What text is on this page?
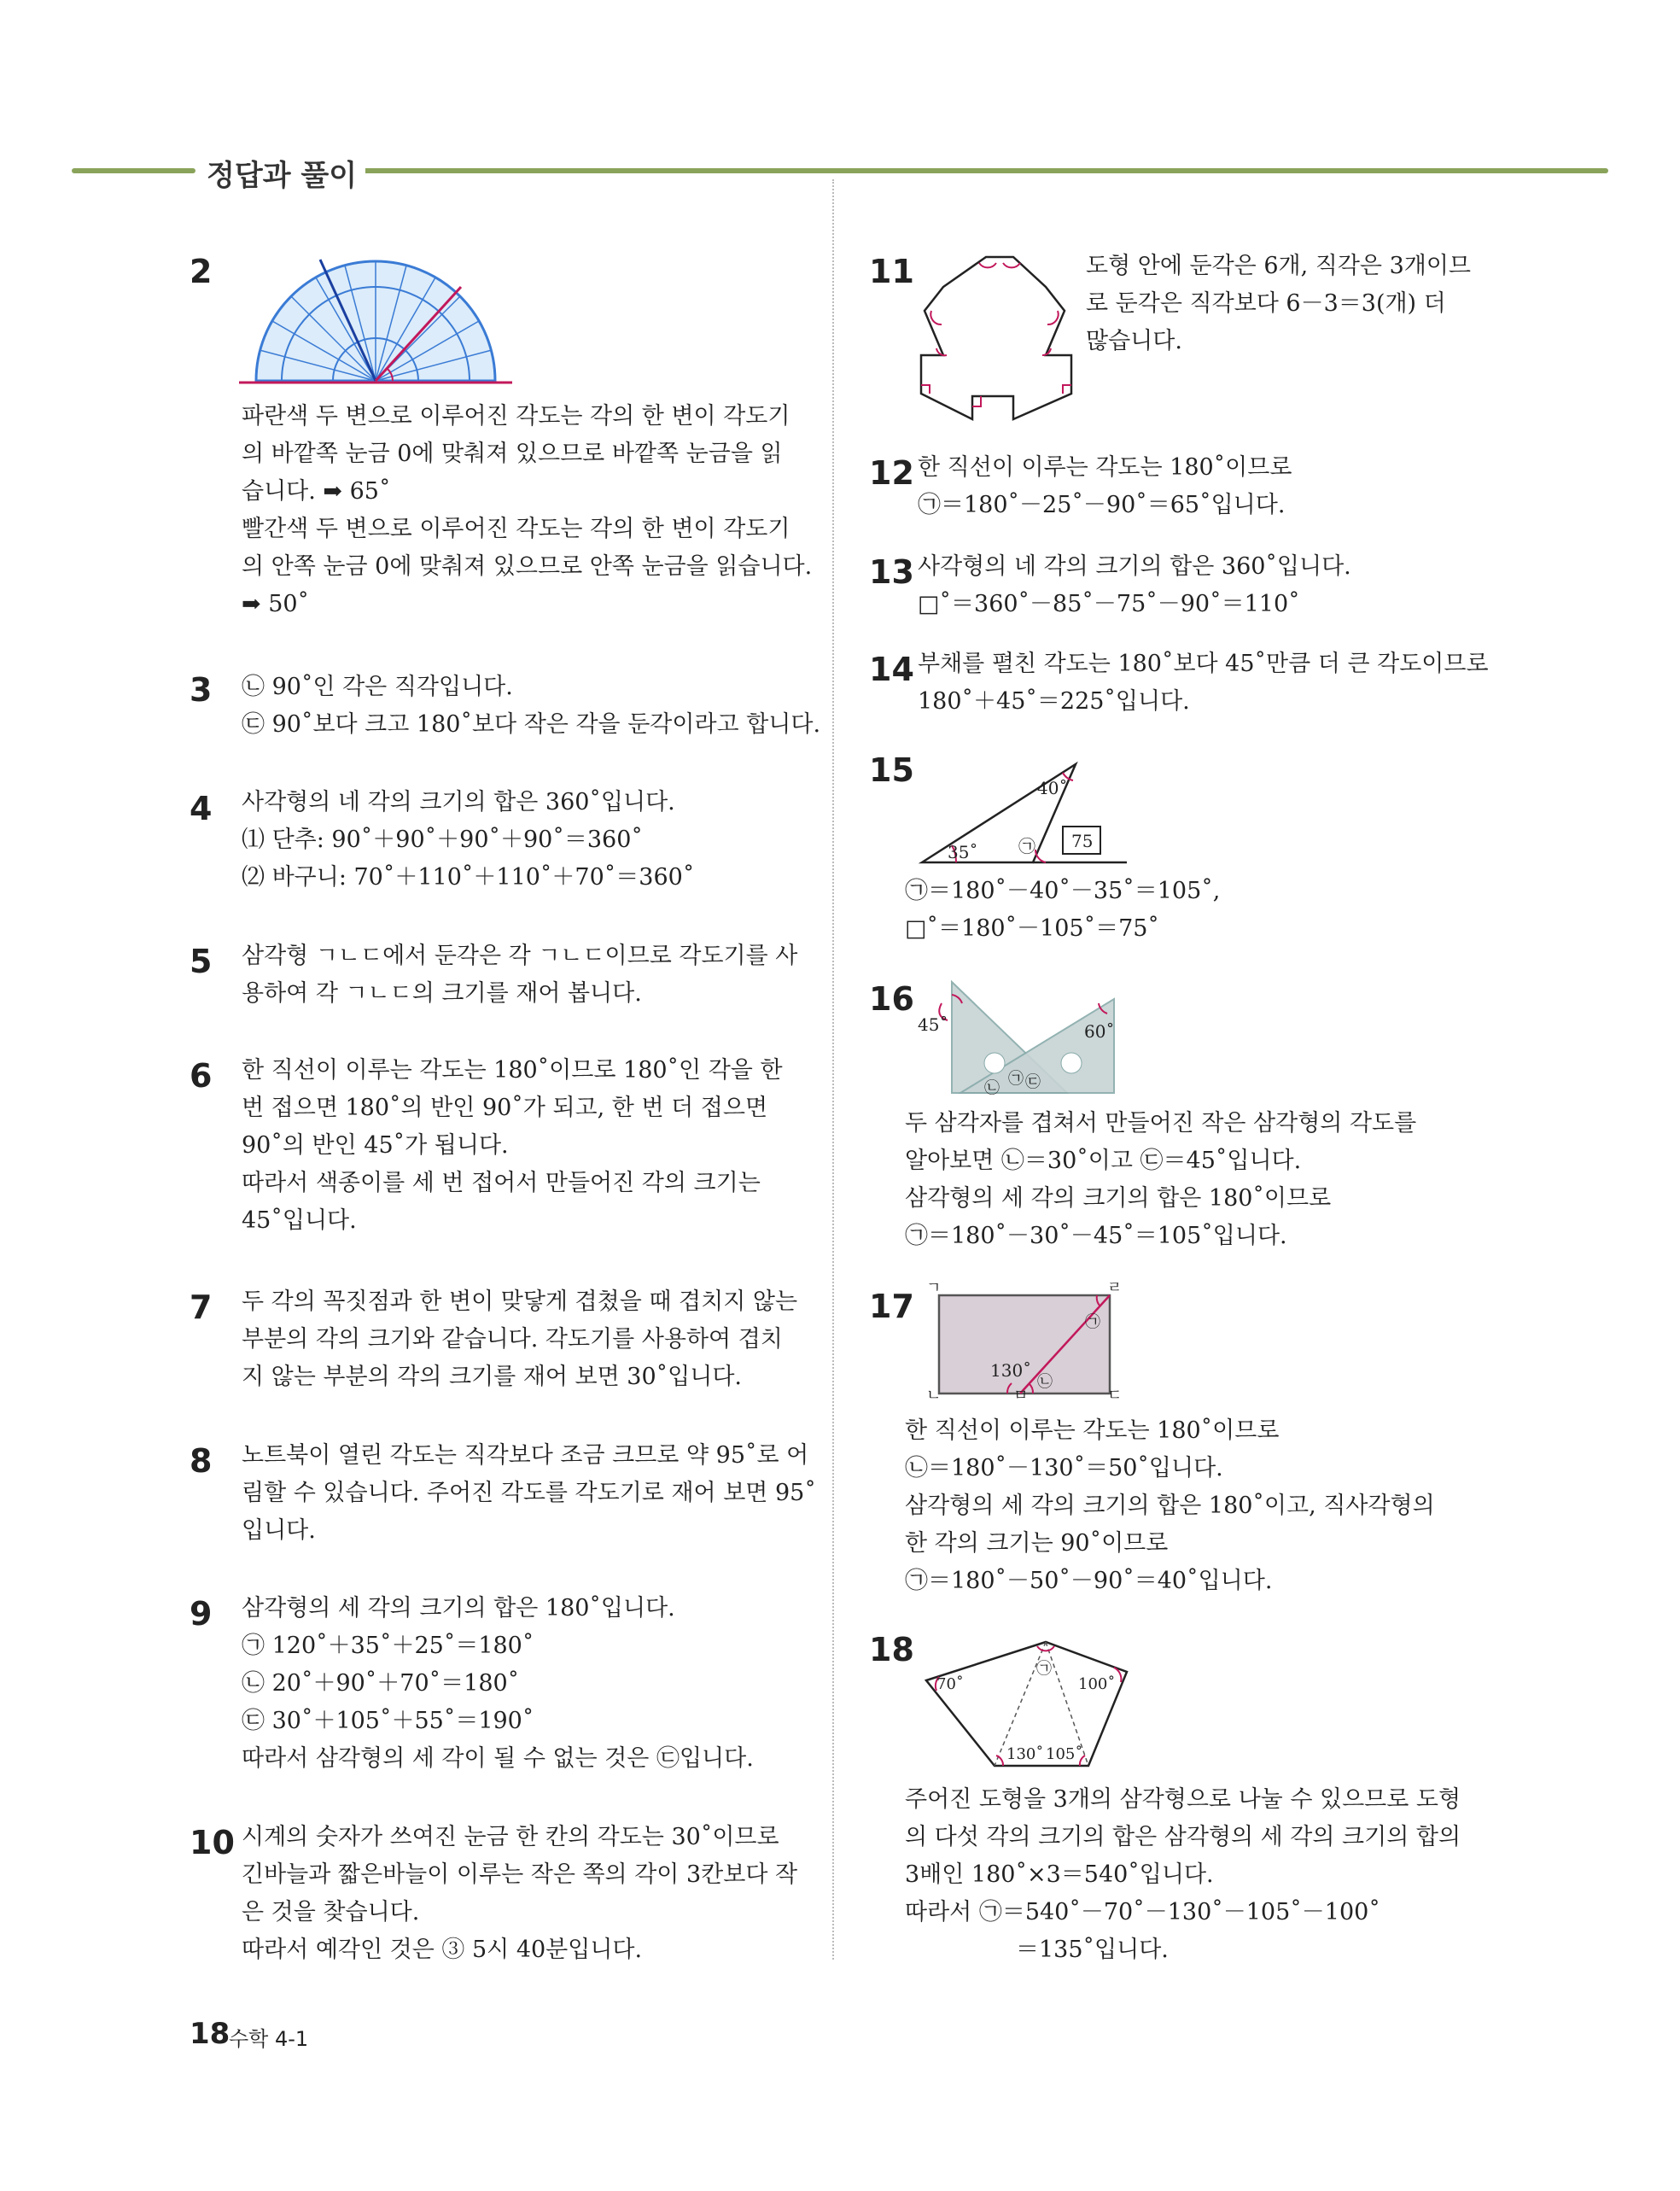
정답과 풀이
2
파란색 두 변으로 이루어진 각도는 각의 한 변이 각도기
의 바깥쪽 눈금 0에 맞춰져 있으므로 바깥쪽 눈금을 읽
습니다. ➡ 65˚
빨간색 두 변으로 이루어진 각도는 각의 한 변이 각도기
의 안쪽 눈금 0에 맞춰져 있으므로 안쪽 눈금을 읽습니다.
➡ 50˚
3 ㉡ 90˚인 각은 직각입니다.
㉢ 90˚보다 크고 180˚보다 작은 각을 둔각이라고 합니다.
4 사각형의 네 각의 크기의 합은 360˚입니다.
⑴ 단추: 90˚＋90˚＋90˚＋90˚＝360˚
⑵ 바구니: 70˚＋110˚＋110˚＋70˚＝360˚
5 삼각형 ㄱㄴㄷ에서 둔각은 각 ㄱㄴㄷ이므로 각도기를 사
용하여 각 ㄱㄴㄷ의 크기를 재어 봅니다.
6 한 직선이 이루는 각도는 180˚이므로 180˚인 각을 한
번 접으면 180˚의 반인 90˚가 되고, 한 번 더 접으면
90˚의 반인 45˚가 됩니다.
따라서 색종이를 세 번 접어서 만들어진 각의 크기는
45˚입니다.
7 두 각의 꼭짓점과 한 변이 맞닿게 겹쳤을 때 겹치지 않는
부분의 각의 크기와 같습니다. 각도기를 사용하여 겹치
지 않는 부분의 각의 크기를 재어 보면 30˚입니다.
8 노트북이 열린 각도는 직각보다 조금 크므로 약 95˚로 어
림할 수 있습니다. 주어진 각도를 각도기로 재어 보면 95˚
입니다.
9 삼각형의 세 각의 크기의 합은 180˚입니다.
㉠ 120˚＋35˚＋25˚＝180˚
㉡ 20˚＋90˚＋70˚＝180˚
㉢ 30˚＋105˚＋55˚＝190˚
따라서 삼각형의 세 각이 될 수 없는 것은 ㉢입니다.
10 시계의 숫자가 쓰여진 눈금 한 칸의 각도는 30˚이므로
긴바늘과 짧은바늘이 이루는 작은 쪽의 각이 3칸보다 작
은 것을 찾습니다.
따라서 예각인 것은 ③ 5시 40분입니다.
11	도형 안에 둔각은 6개, 직각은 3개이므
로 둔각은 직각보다 6－3＝3(개) 더
많습니다.
12 한 직선이 이루는 각도는 180˚이므로
㉠＝180˚－25˚－90˚＝65˚입니다.
13 사각형의 네 각의 크기의 합은 360˚입니다.
□˚＝360˚－85˚－75˚－90˚＝110˚
14 부채를 펼친 각도는 180˚보다 45˚만큼 더 큰 각도이므로
180˚＋45˚＝225˚입니다.
15	40˚
35˚ ㉠ 75
㉠＝180˚－40˚－35˚＝105˚,
□˚＝180˚－105˚＝75˚
16
45˚	60˚
㉡
㉠ ㉢
두 삼각자를 겹쳐서 만들어진 작은 삼각형의 각도를
알아보면 ㉡＝30˚이고 ㉢＝45˚입니다.
삼각형의 세 각의 크기의 합은 180˚이므로
㉠＝180˚－30˚－45˚＝105˚입니다.
17 ㄱ	ㄹ
ㄴ	ㄷ
ㅁ
130˚
㉠
㉡
한 직선이 이루는 각도는 180˚이므로
㉡＝180˚－130˚＝50˚입니다.
삼각형의 세 각의 크기의 합은 180˚이고, 직사각형의
한 각의 크기는 90˚이므로
㉠＝180˚－50˚－90˚＝40˚입니다.
18
70˚	100˚
130˚ 105˚
㉠
주어진 도형을 3개의 삼각형으로 나눌 수 있으므로 도형
의 다섯 각의 크기의 합은 삼각형의 세 각의 크기의 합의
3배인 180˚×3＝540˚입니다.
따라서 ㉠＝540˚－70˚－130˚－105˚－100˚
＝135˚입니다.
18
수학 4-1
